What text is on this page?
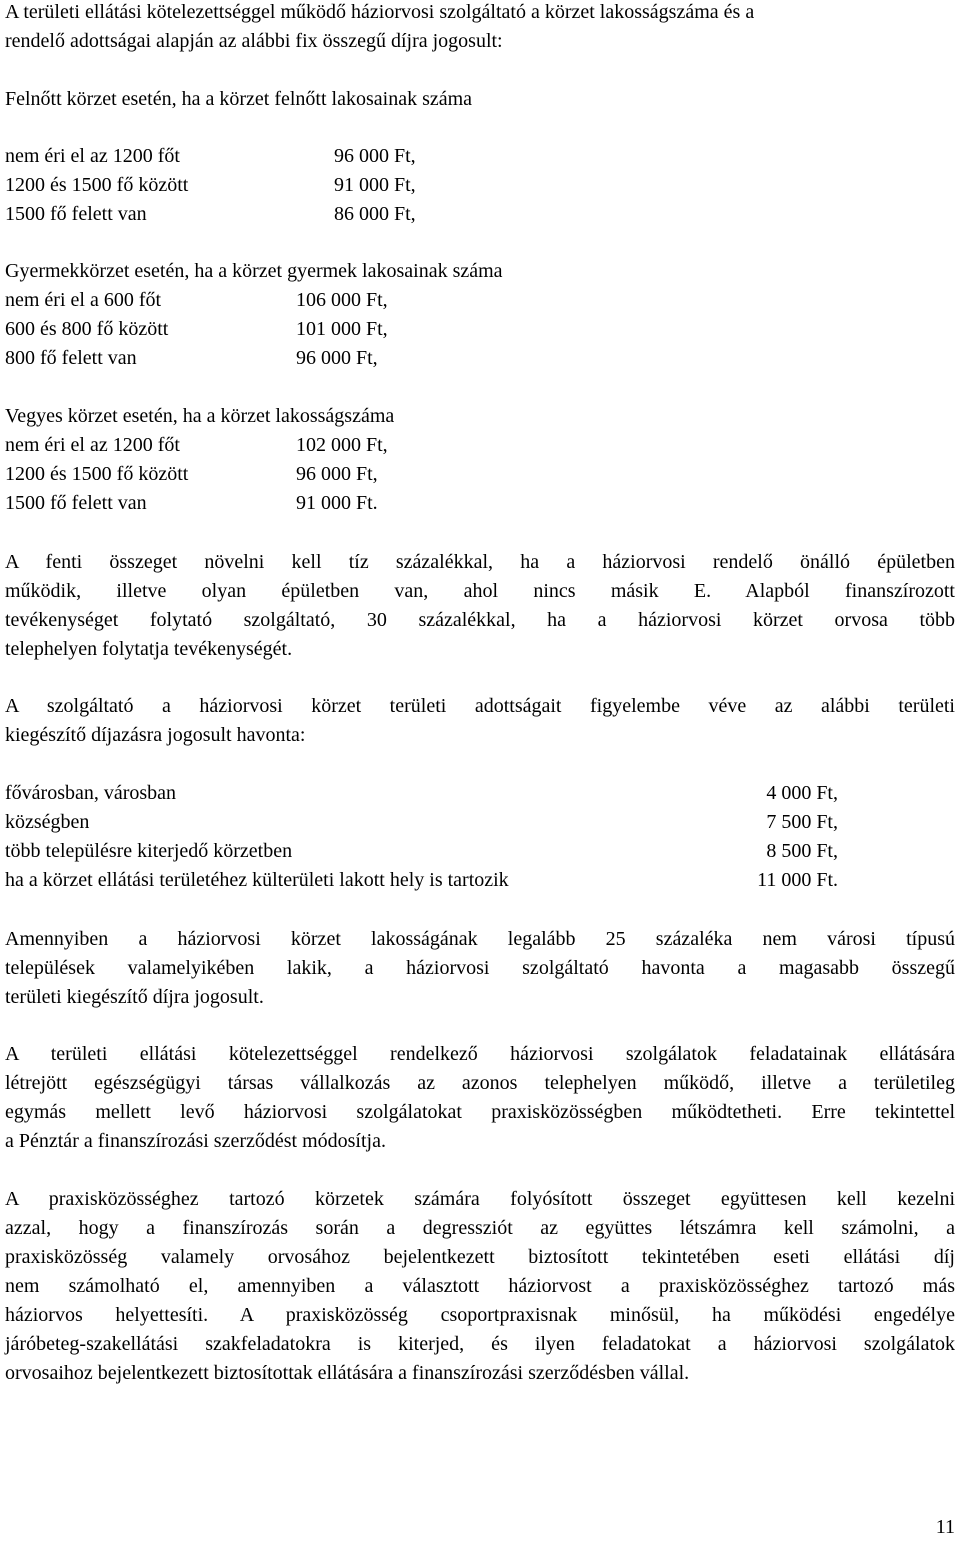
A területi ellátási kötelezettséggel működő háziorvosi szolgáltató a körzet lakosságszáma és a
rendelő adottságai alapján az alábbi fix összegű díjra jogosult:
Felnőtt körzet esetén, ha a körzet felnőtt lakosainak száma
nem éri el az 1200 főt	96 000 Ft,
1200 és 1500 fő között	91 000 Ft,
1500 fő felett van	86 000 Ft,
Gyermekkörzet esetén, ha a körzet gyermek lakosainak száma
nem éri el a 600 főt	106 000 Ft,
600 és 800 fő között	101 000 Ft,
800 fő felett van	96 000 Ft,
Vegyes körzet esetén, ha a körzet lakosságszáma
nem éri el az 1200 főt	102 000 Ft,
1200 és 1500 fő között	96 000 Ft,
1500 fő felett van	91 000 Ft.
A fenti összeget növelni kell tíz százalékkal, ha a háziorvosi rendelő önálló épületben
működik, illetve olyan épületben van, ahol nincs másik E. Alapból finanszírozott
tevékenységet folytató szolgáltató, 30 százalékkal, ha a háziorvosi körzet orvosa több
telephelyen folytatja tevékenységét.
A szolgáltató a háziorvosi körzet területi adottságait figyelembe véve az alábbi területi
kiegészítő díjazásra jogosult havonta:
fővárosban, városban	4 000 Ft,
községben	7 500 Ft,
több településre kiterjedő körzetben	8 500 Ft,
ha a körzet ellátási területéhez külterületi lakott hely is tartozik	11 000 Ft.
Amennyiben a háziorvosi körzet lakosságának legalább 25 százaléka nem városi típusú
települések valamelyikében lakik, a háziorvosi szolgáltató havonta a magasabb összegű
területi kiegészítő díjra jogosult.
A területi ellátási kötelezettséggel rendelkező háziorvosi szolgálatok feladatainak ellátására
létrejött egészségügyi társas vállalkozás az azonos telephelyen működő, illetve a területileg
egymás mellett levő háziorvosi szolgálatokat praxisközösségben működtetheti. Erre tekintettel
a Pénztár a finanszírozási szerződést módosítja.
A praxisközösséghez tartozó körzetek számára folyósított összeget együttesen kell kezelni
azzal, hogy a finanszírozás során a degressziót az együttes létszámra kell számolni, a
praxisközösség valamely orvosához bejelentkezett biztosított tekintetében eseti ellátási díj
nem számolható el, amennyiben a választott háziorvost a praxisközösséghez tartozó más
háziorvos helyettesíti. A praxisközösség csoportpraxisnak minősül, ha működési engedélye
járóbeteg-szakellátási szakfeladatokra is kiterjed, és ilyen feladatokat a háziorvosi szolgálatok
orvosaihoz bejelentkezett biztosítottak ellátására a finanszírozási szerződésben vállal.
11
